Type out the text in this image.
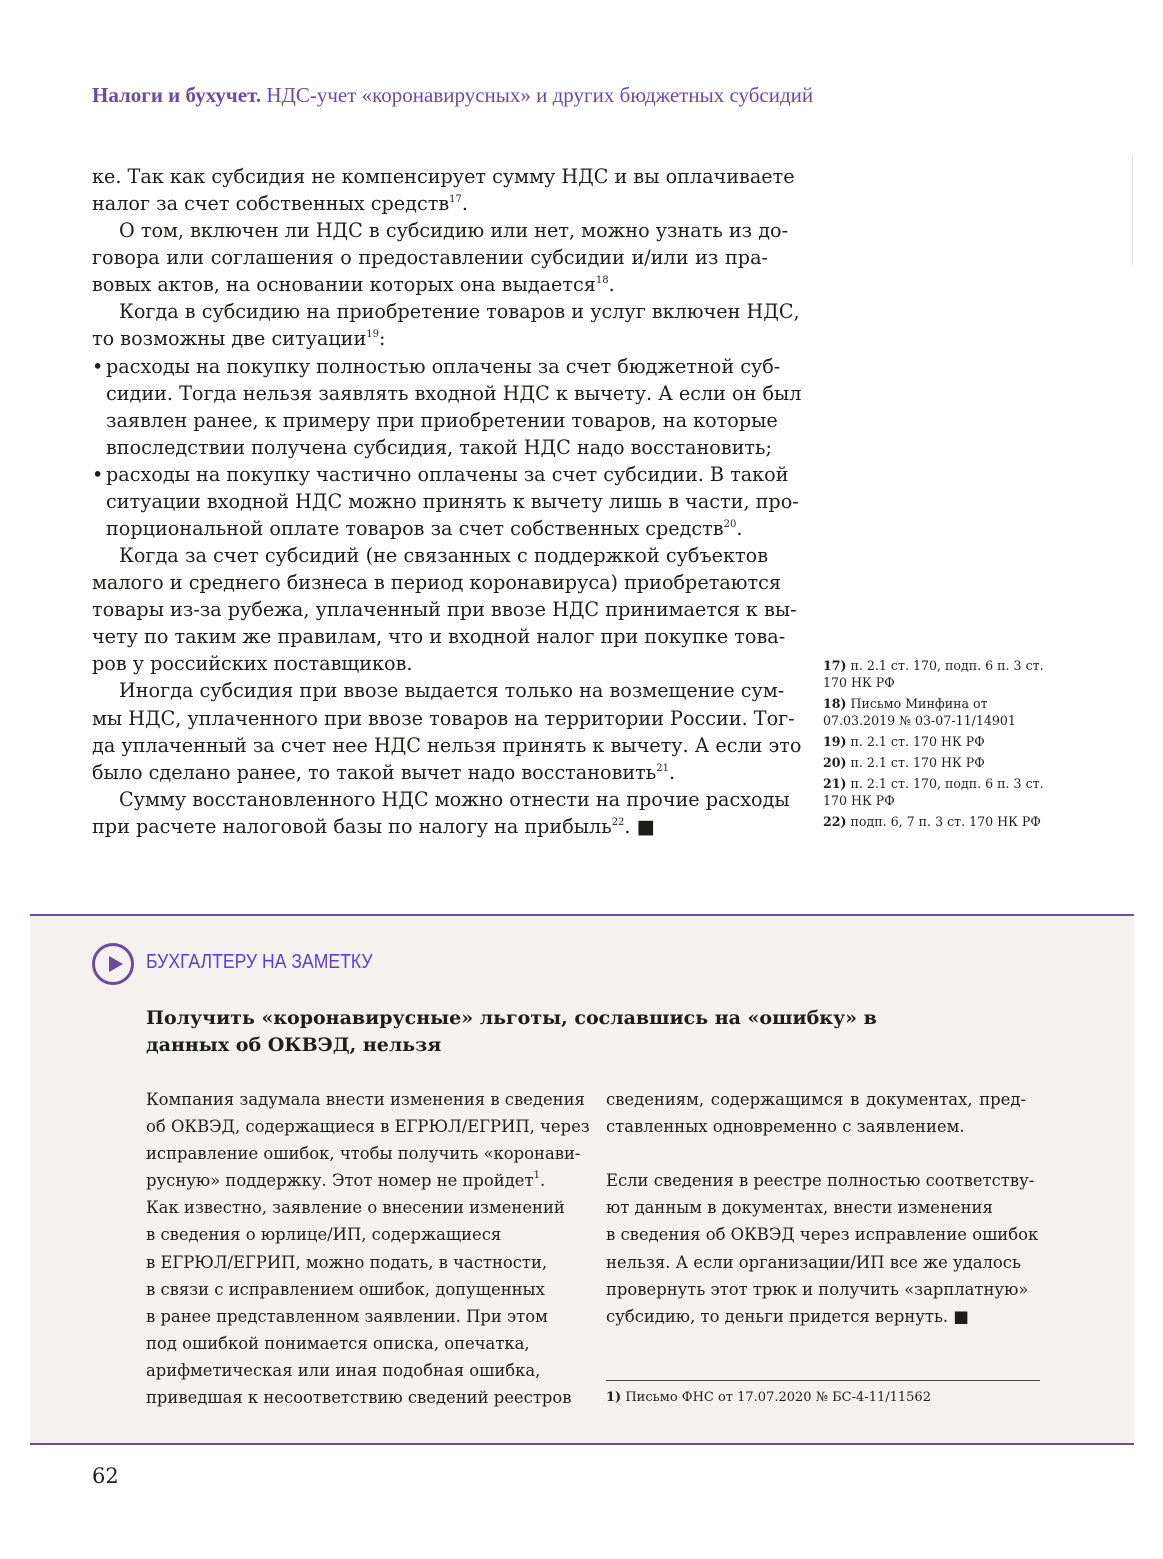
Налоги и бухучет. НДС-учет «коронавирусных» и других бюджетных субсидий
ке. Так как субсидия не компенсирует сумму НДС и вы оплачиваете
налог за счет собственных средств$^{17}$.
О том, включен ли НДС в субсидию или нет, можно узнать из до-
говора или соглашения о предоставлении субсидии и/или из пра-
вовых актов, на основании которых она выдается$^{18}$.
Когда в субсидию на приобретение товаров и услуг включен НДС,
то возможны две ситуации$^{19}$:
• расходы на покупку полностью оплачены за счет бюджетной суб-
сидии. Тогда нельзя заявлять входной НДС к вычету. А если он был
заявлен ранее, к примеру при приобретении товаров, на которые
впоследствии получена субсидия, такой НДС надо восстановить;
• расходы на покупку частично оплачены за счет субсидии. В такой
ситуации входной НДС можно принять к вычету лишь в части, про-
порциональной оплате товаров за счет собственных средств$^{20}$.
Когда за счет субсидий (не связанных с поддержкой субъектов
малого и среднего бизнеса в период коронавируса) приобретаются
товары из-за рубежа, уплаченный при ввозе НДС принимается к вы-
чету по таким же правилам, что и входной налог при покупке това-
ров у российских поставщиков.
Иногда субсидия при ввозе выдается только на возмещение сум-
мы НДС, уплаченного при ввозе товаров на территории России. Тог-
да уплаченный за счет нее НДС нельзя принять к вычету. А если это
было сделано ранее, то такой вычет надо восстановить$^{21}$.
Сумму восстановленного НДС можно отнести на прочие расходы
при расчете налоговой базы по налогу на прибыль$^{22}$. ■
17) п. 2.1 ст. 170, подп. 6 п. 3 ст. 170 НК РФ
18) Письмо Минфина от 07.03.2019 № 03-07-11/14901
19) п. 2.1 ст. 170 НК РФ
20) п. 2.1 ст. 170 НК РФ
21) п. 2.1 ст. 170, подп. 6 п. 3 ст. 170 НК РФ
22) подп. 6, 7 п. 3 ст. 170 НК РФ
БУХГАЛТЕРУ НА ЗАМЕТКУ
Получить «коронавирусные» льготы, сославшись на «ошибку» в данных об ОКВЭД, нельзя
Компания задумала внести изменения в сведения
об ОКВЭД, содержащиеся в ЕГРЮЛ/ЕГРИП, через
исправление ошибок, чтобы получить «коронави-
русную» поддержку. Этот номер не пройдет$^1$.
Как известно, заявление о внесении изменений
в сведения о юрлице/ИП, содержащиеся
в ЕГРЮЛ/ЕГРИП, можно подать, в частности,
в связи с исправлением ошибок, допущенных
в ранее представленном заявлении. При этом
под ошибкой понимается описка, опечатка,
арифметическая или иная подобная ошибка,
приведшая к несоответствию сведений реестров
сведениям, содержащимся в документах, пред-
ставленных одновременно с заявлением.

Если сведения в реестре полностью соответству-
ют данным в документах, внести изменения
в сведения об ОКВЭД через исправление ошибок
нельзя. А если организации/ИП все же удалось
провернуть этот трюк и получить «зарплатную»
субсидию, то деньги придется вернуть. ■
1) Письмо ФНС от 17.07.2020 № БС-4-11/11562
62
